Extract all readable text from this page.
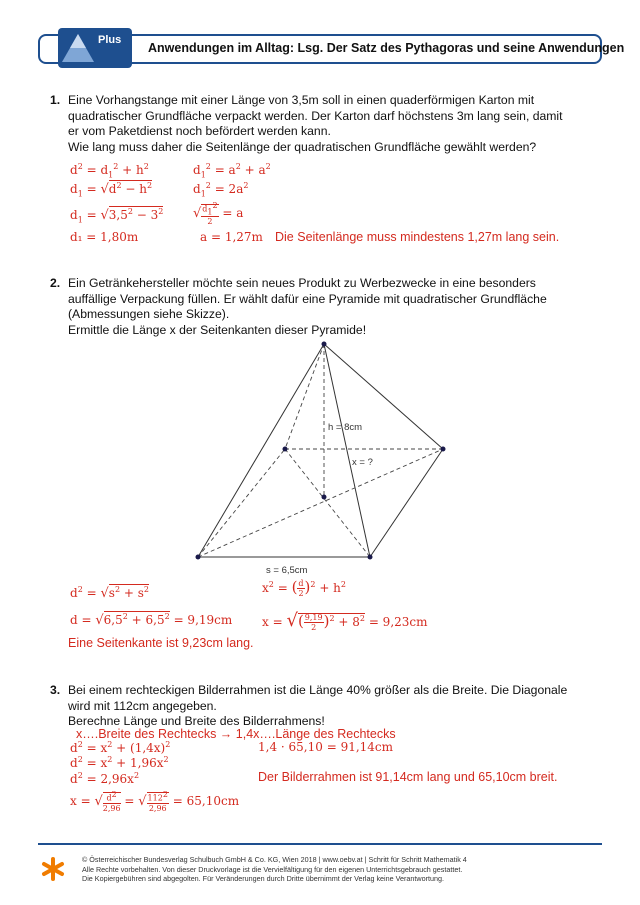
Plus
Anwendungen im Alltag: Lsg. Der Satz des Pythagoras und seine Anwendungen
1. Eine Vorhangstange mit einer Länge von 3,5m soll in einen quaderförmigen Karton mit
quadratischer Grundfläche verpackt werden. Der Karton darf höchstens 3m lang sein, damit
er vom Paketdienst noch befördert werden kann.
Wie lang muss daher die Seitenlänge der quadratischen Grundfläche gewählt werden?
$d^2 = d_1^2 + h^2$
$d_1 = √d^2 - h^2$
$d_1 = √3,5^2 - 3^2$
d₁ = 1,80m
$d_1^2 = a^2 + a^2$
$d_1^2 = 2a^2$
√ $\frac{d_1^2}{2} = a$
a = 1,27m Die Seitenlänge muss mindestens 1,27m lang sein.
2. Ein Getränkehersteller möchte sein neues Produkt zu Werbezwecke in eine besonders
auffällige Verpackung füllen. Er wählt dafür eine Pyramide mit quadratischer Grundfläche
(Abmessungen siehe Skizze).
Ermittle die Länge x der Seitenkanten dieser Pyramide!
h = 8cm
x = ?
s = 6,5cm
$d^2 = √s^2 + s^2$
$d = √6,5^2 + 6,5^2 = 9,19cm$
$x^2$ = ( $\frac{d}{2} )^2 + h^2$
x = √( $\frac{9,19}{2} )^2 + 8^2 = 9,23cm$
Eine Seitenkante ist 9,23cm lang.
3. Bei einem rechteckigen Bilderrahmen ist die Länge 40% größer als die Breite. Die Diagonale
wird mit 112cm angegeben.
Berechne Länge und Breite des Bilderrahmens!
x….Breite des Rechtecks → 1,4x….Länge des Rechtecks
$d^2 = x^2 + (1,4x)^2$
$d^2 = x^2 + 1,96x^2$
$d^2 = 2,96x^2$
x = √ $\frac{d^2}{2,96}$ = √ $\frac{112^2}{2,96} = 65,10cm$
1,4 · 65,10 = 91,14cm
Der Bilderrahmen ist 91,14cm lang und 65,10cm breit.
© Österreichischer Bundesverlag Schulbuch GmbH & Co. KG, Wien 2018 | www.oebv.at | Schritt für Schritt Mathematik 4
Alle Rechte vorbehalten. Von dieser Druckvorlage ist die Vervielfältigung für den eigenen Unterrichtsgebrauch gestattet.
Die Kopiergebühren sind abgegolten. Für Veränderungen durch Dritte übernimmt der Verlag keine Verantwortung.
